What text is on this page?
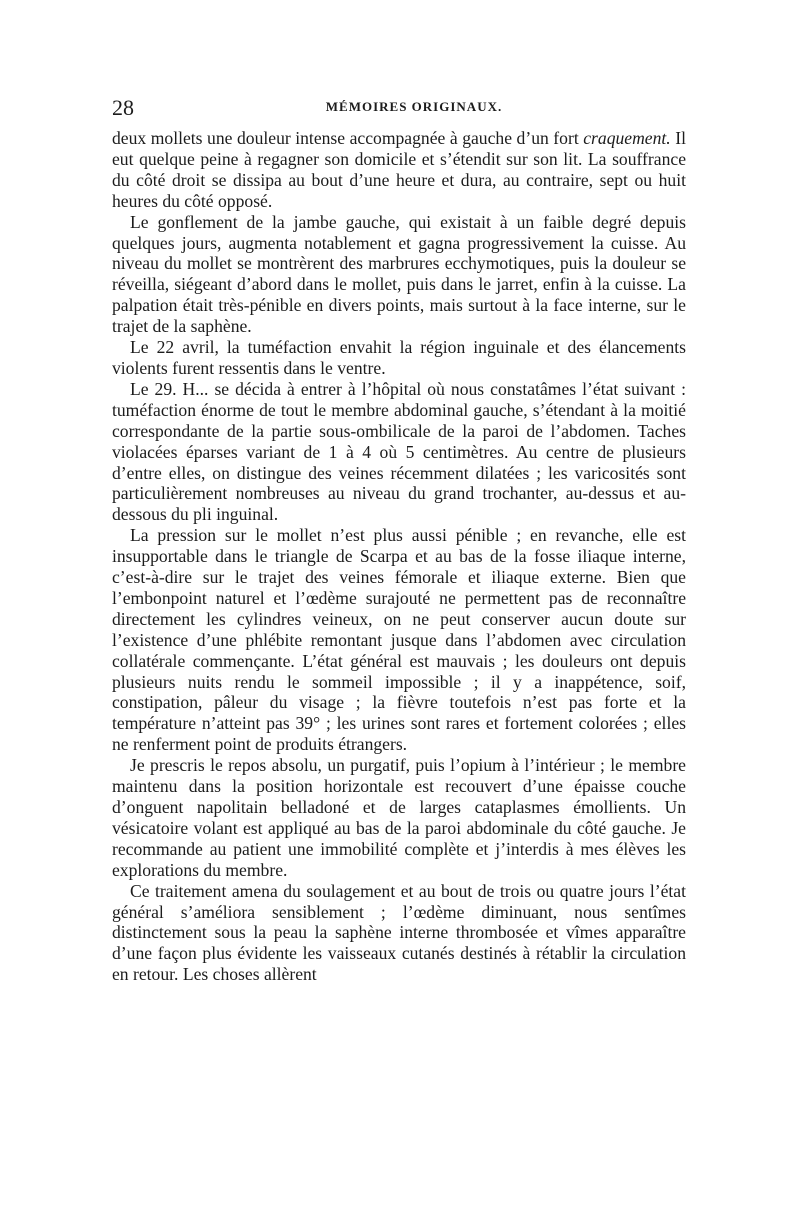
28	MÉMOIRES ORIGINAUX.

deux mollets une douleur intense accompagnée à gauche d’un fort craquement. Il eut quelque peine à regagner son domicile et s’étendit sur son lit. La souffrance du côté droit se dissipa au bout d’une heure et dura, au contraire, sept ou huit heures du côté opposé.

Le gonflement de la jambe gauche, qui existait à un faible degré depuis quelques jours, augmenta notablement et gagna progressivement la cuisse. Au niveau du mollet se montrèrent des marbrures ecchymotiques, puis la douleur se réveilla, siégeant d’abord dans le mollet, puis dans le jarret, enfin à la cuisse. La palpation était très-pénible en divers points, mais surtout à la face interne, sur le trajet de la saphène.

Le 22 avril, la tuméfaction envahit la région inguinale et des élancements violents furent ressentis dans le ventre.

Le 29. H... se décida à entrer à l’hôpital où nous constatâmes l’état suivant : tuméfaction énorme de tout le membre abdominal gauche, s’étendant à la moitié correspondante de la partie sous-ombilicale de la paroi de l’abdomen. Taches violacées éparses variant de 1 à 4 où 5 centimètres. Au centre de plusieurs d’entre elles, on distingue des veines récemment dilatées ; les varicosités sont particulièrement nombreuses au niveau du grand trochanter, au-dessus et au-dessous du pli inguinal.

La pression sur le mollet n’est plus aussi pénible ; en revanche, elle est insupportable dans le triangle de Scarpa et au bas de la fosse iliaque interne, c’est-à-dire sur le trajet des veines fémorale et iliaque externe. Bien que l’embonpoint naturel et l’œdème surajouté ne permettent pas de reconnaître directement les cylindres veineux, on ne peut conserver aucun doute sur l’existence d’une phlébite remontant jusque dans l’abdomen avec circulation collatérale commençante. L’état général est mauvais ; les douleurs ont depuis plusieurs nuits rendu le sommeil impossible ; il y a inappétence, soif, constipation, pâleur du visage ; la fièvre toutefois n’est pas forte et la température n’atteint pas 39° ; les urines sont rares et fortement colorées ; elles ne renferment point de produits étrangers.

Je prescris le repos absolu, un purgatif, puis l’opium à l’intérieur ; le membre maintenu dans la position horizontale est recouvert d’une épaisse couche d’onguent napolitain belladoné et de larges cataplasmes émollients. Un vésicatoire volant est appliqué au bas de la paroi abdominale du côté gauche. Je recommande au patient une immobilité complète et j’interdis à mes élèves les explorations du membre.

Ce traitement amena du soulagement et au bout de trois ou quatre jours l’état général s’améliora sensiblement ; l’œdème diminuant, nous sentîmes distinctement sous la peau la saphène interne thrombosée et vîmes apparaître d’une façon plus évidente les vaisseaux cutanés destinés à rétablir la circulation en retour. Les choses allèrent
